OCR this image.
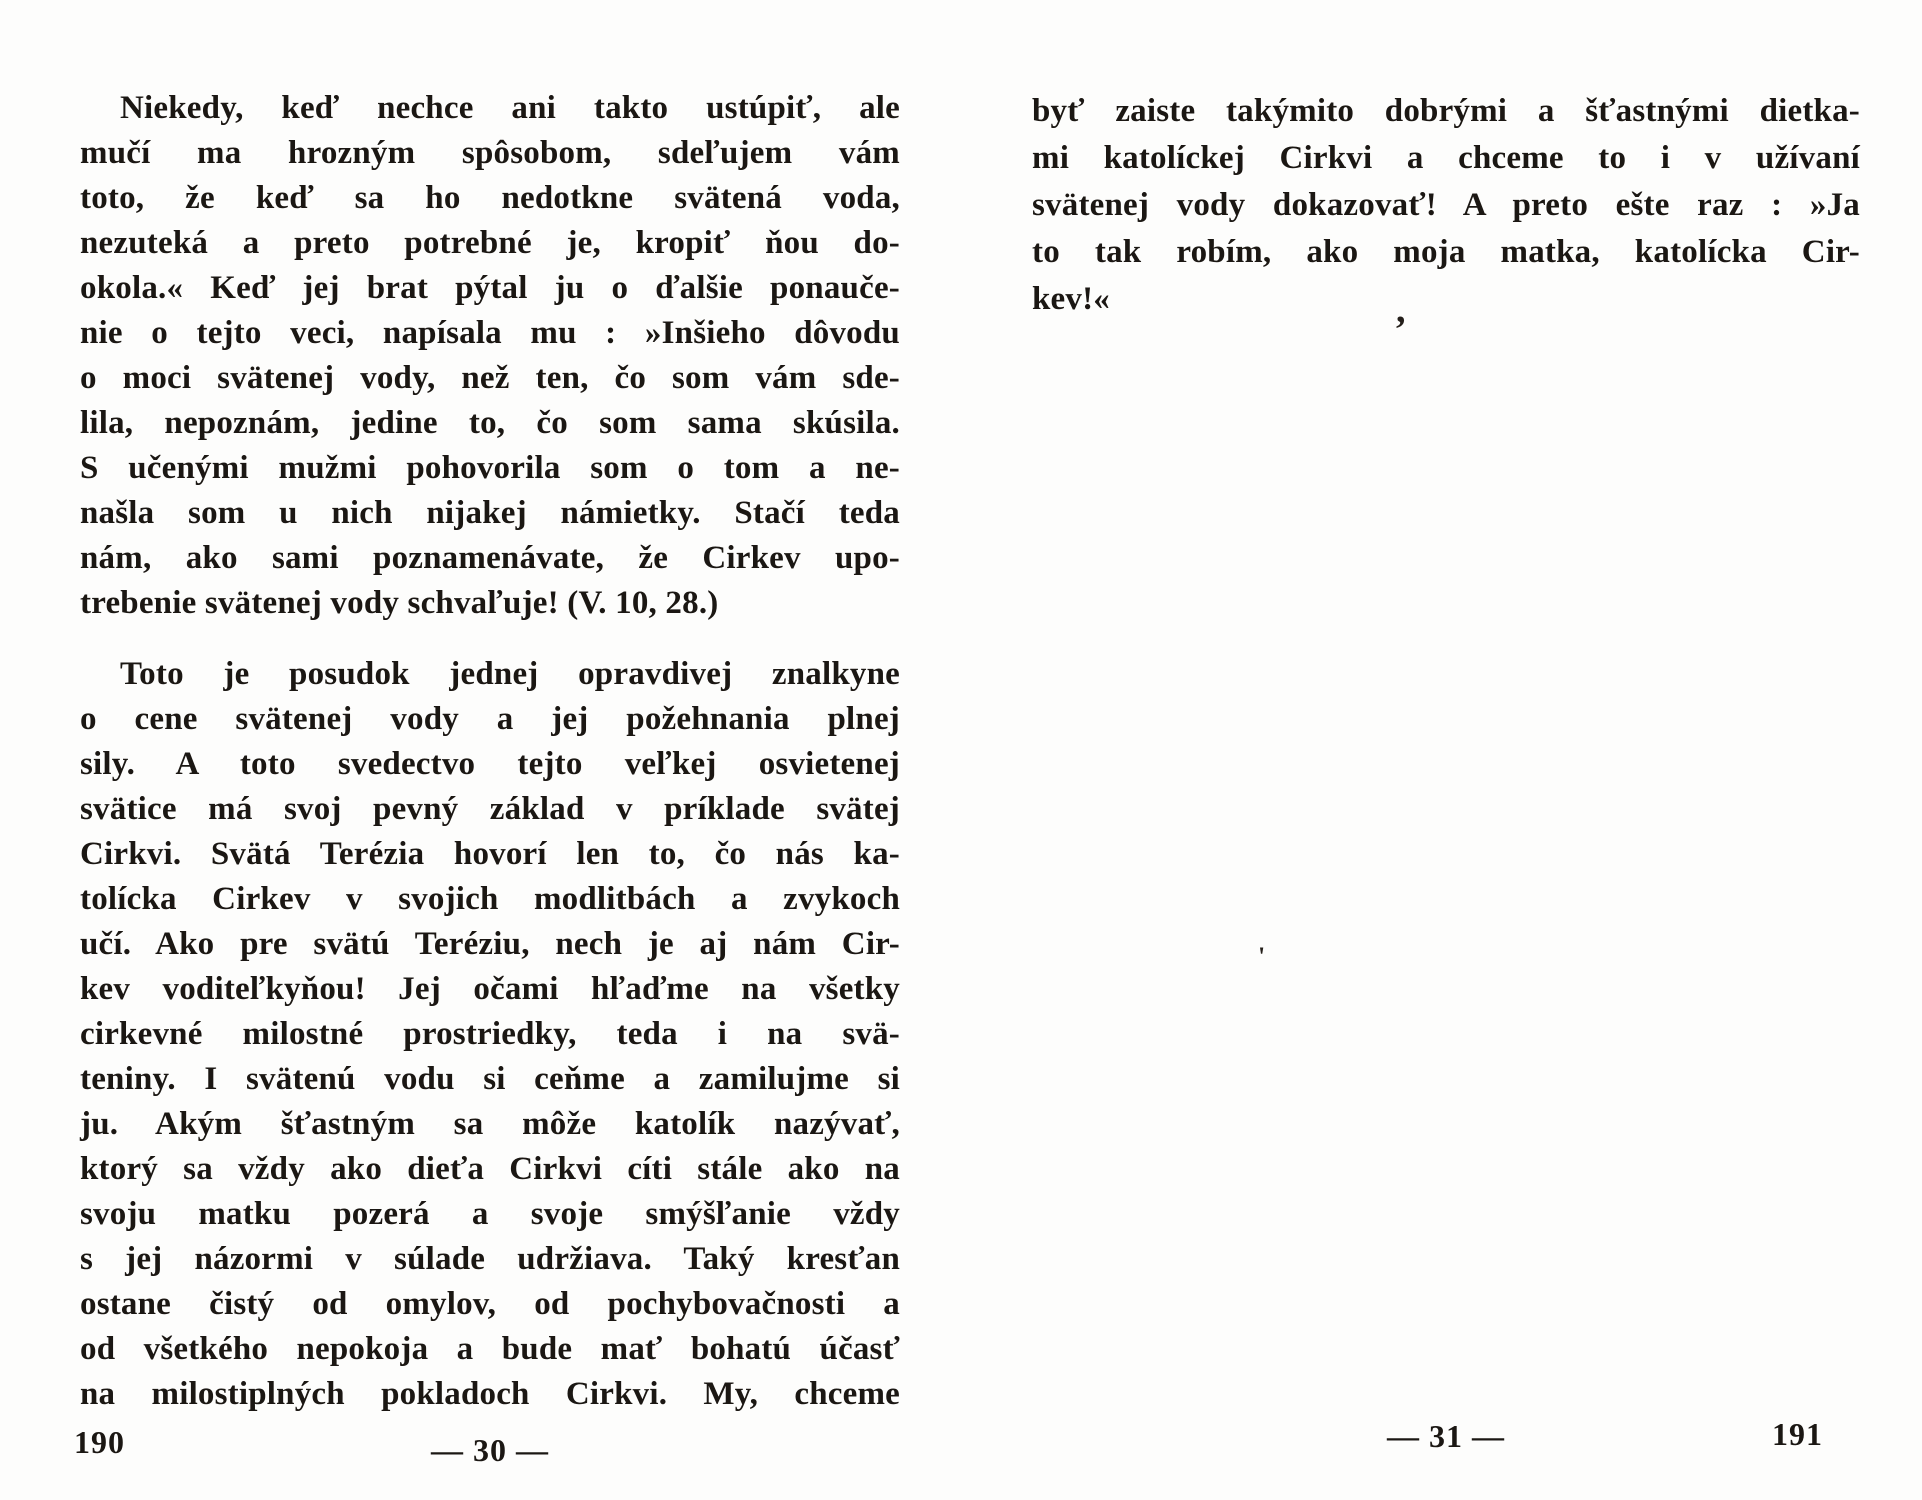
Niekedy, keď nechce ani takto ustúpiť, ale
mučí ma hrozným spôsobom, sdeľujem vám
toto, že keď sa ho nedotkne svätená voda,
nezuteká a preto potrebné je, kropiť ňou do-
okola.« Keď jej brat pýtal ju o ďalšie ponauče-
nie o tejto veci, napísala mu : »Inšieho dôvodu
o moci svätenej vody, než ten, čo som vám sde-
lila, nepoznám, jedine to, čo som sama skúsila.
S učenými mužmi pohovorila som o tom a ne-
našla som u nich nijakej námietky. Stačí teda
nám, ako sami poznamenávate, že Cirkev upo-
trebenie svätenej vody schvaľuje! (V. 10, 28.)
Toto je posudok jednej opravdivej znalkyne
o cene svätenej vody a jej požehnania plnej
sily. A toto svedectvo tejto veľkej osvietenej
svätice má svoj pevný základ v príklade svätej
Cirkvi. Svätá Terézia hovorí len to, čo nás ka-
tolícka Cirkev v svojich modlitbách a zvykoch
učí. Ako pre svätú Teréziu, nech je aj nám Cir-
kev voditeľkyňou! Jej očami hľaďme na všetky
cirkevné milostné prostriedky, teda i na svä-
teniny. I svätenú vodu si ceňme a zamilujme si
ju. Akým šťastným sa môže katolík nazývať,
ktorý sa vždy ako dieťa Cirkvi cíti stále ako na
svoju matku pozerá a svoje smýšľanie vždy
s jej názormi v súlade udržiava. Taký kresťan
ostane čistý od omylov, od pochybovačnosti a
od všetkého nepokoja a bude mať bohatú účasť
na milostiplných pokladoch Cirkvi. My, chceme
byť zaiste takýmito dobrými a šťastnými dietka-
mi katolíckej Cirkvi a chceme to i v užívaní
svätenej vody dokazovať! A preto ešte raz : »Ja
to tak robím, ako moja matka, katolícka Cir-
kev!«
190	— 30 —	— 31 —	191
,
'
